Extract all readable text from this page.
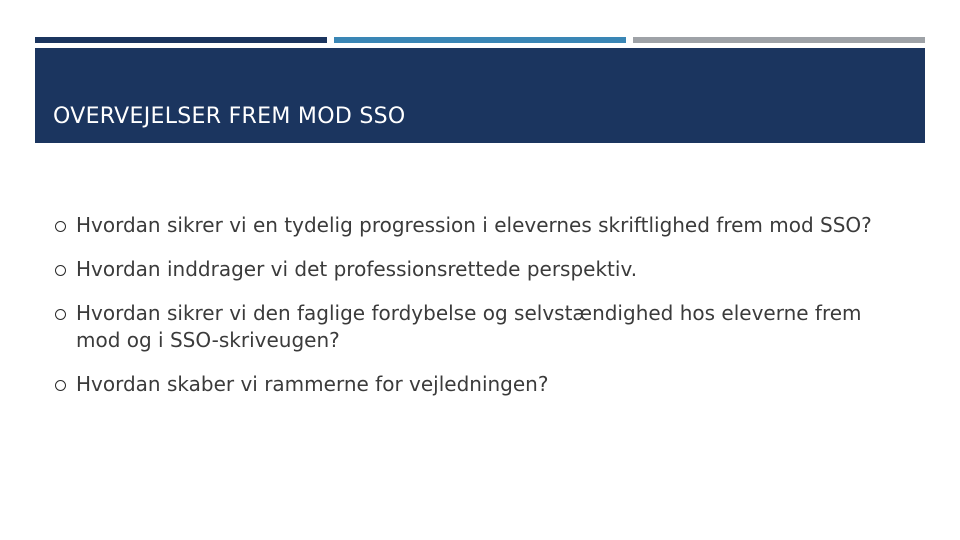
OVERVEJELSER FREM MOD SSO
Hvordan sikrer vi en tydelig progression i elevernes skriftlighed frem mod SSO?
Hvordan inddrager vi det professionsrettede perspektiv.
Hvordan sikrer vi den faglige fordybelse og selvstændighed hos eleverne frem mod og i SSO-skriveugen?
Hvordan skaber vi rammerne for vejledningen?
